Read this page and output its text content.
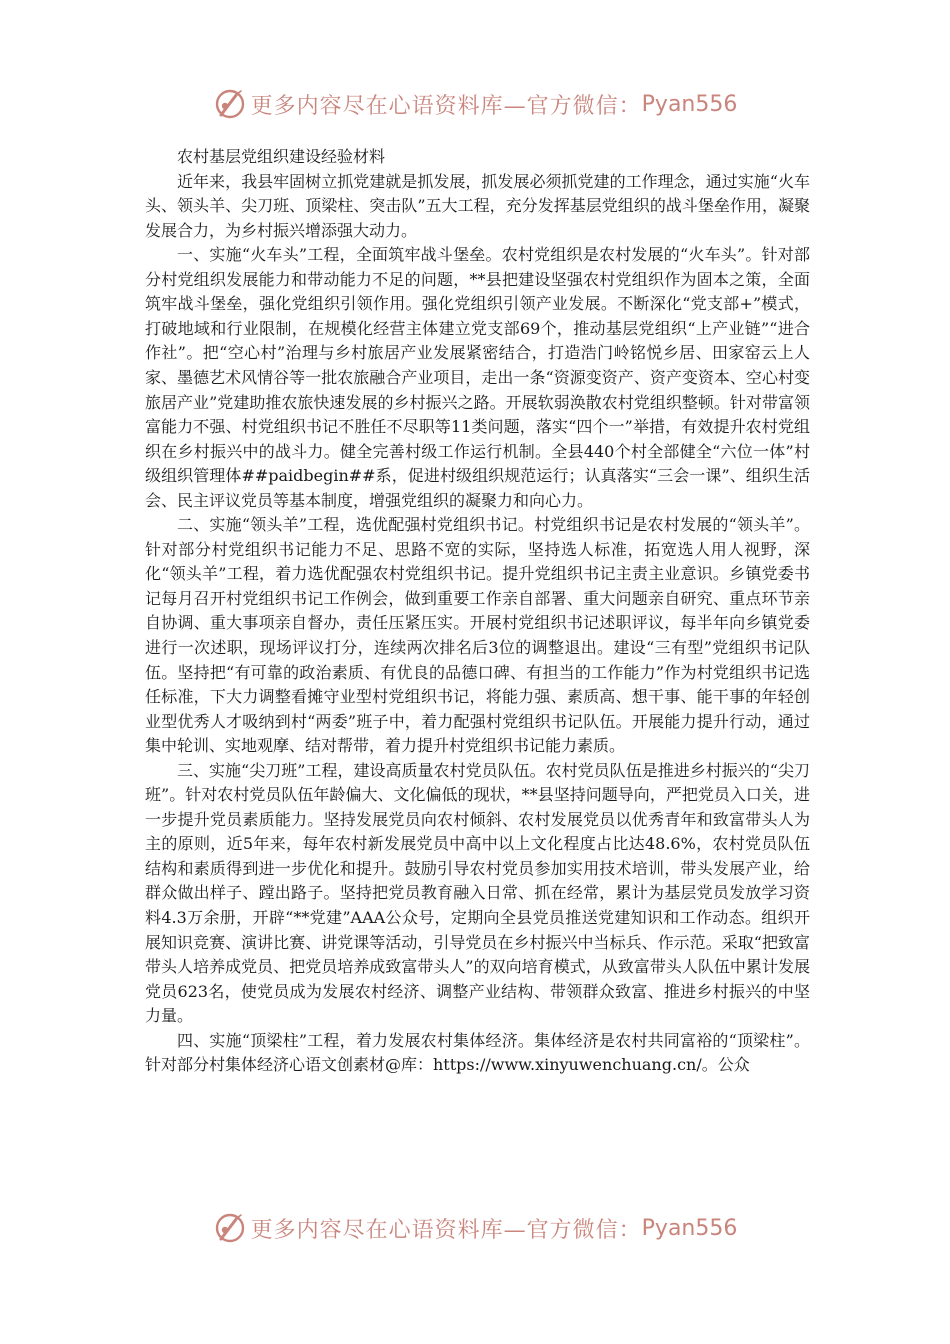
更多内容尽在心语资料库—官方微信： Pyan556
农村基层党组织建设经验材料

近年来，我县牢固树立抓党建就是抓发展，抓发展必须抓党建的工作理念，通过实施“火车头、领头羊、尖刀班、顶梁柱、突击队”五大工程，充分发挥基层党组织的战斗堡垒作用，凝聚发展合力，为乡村振兴增添强大动力。

一、实施“火车头”工程，全面筑牢战斗堡垒。农村党组织是农村发展的“火车头”。针对部分村党组织发展能力和带动能力不足的问题，**县把建设坚强农村党组织作为固本之策，全面筑牢战斗堡垒，强化党组织引领作用。强化党组织引领产业发展。不断深化“党支部+”模式，打破地域和行业限制，在规模化经营主体建立党支部69个，推动基层党组织“上产业链”“进合作社”。把“空心村”治理与乡村旅居产业发展紧密结合，打造浩门岭铭悦乡居、田家窑云上人家、墨德艺术风情谷等一批农旅融合产业项目，走出一条“资源变资产、资产变资本、空心村变旅居产业”党建助推农旅快速发展的乡村振兴之路。开展软弱涣散农村党组织整顿。针对带富领富能力不强、村党组织书记不胜任不尽职等11类问题，落实“四个一”举措，有效提升农村党组织在乡村振兴中的战斗力。健全完善村级工作运行机制。全县440个村全部健全“六位一体”村级组织管理体##paidbegin##系，促进村级组织规范运行；认真落实“三会一课”、组织生活会、民主评议党员等基本制度，增强党组织的凝聚力和向心力。

二、实施“领头羊”工程，选优配强村党组织书记。村党组织书记是农村发展的“领头羊”。针对部分村党组织书记能力不足、思路不宽的实际，坚持选人标准，拓宽选人用人视野，深化“领头羊”工程，着力选优配强农村党组织书记。提升党组织书记主责主业意识。乡镇党委书记每月召开村党组织书记工作例会，做到重要工作亲自部署、重大问题亲自研究、重点环节亲自协调、重大事项亲自督办，责任压紧压实。开展村党组织书记述职评议，每半年向乡镇党委进行一次述职，现场评议打分，连续两次排名后3位的调整退出。建设“三有型”党组织书记队伍。坚持把“有可靠的政治素质、有优良的品德口碑、有担当的工作能力”作为村党组织书记选任标准，下大力调整看摊守业型村党组织书记，将能力强、素质高、想干事、能干事的年轻创业型优秀人才吸纳到村“两委”班子中，着力配强村党组织书记队伍。开展能力提升行动，通过集中轮训、实地观摩、结对帮带，着力提升村党组织书记能力素质。

三、实施“尖刀班”工程，建设高质量农村党员队伍。农村党员队伍是推进乡村振兴的“尖刀班”。针对农村党员队伍年龄偏大、文化偏低的现状，**县坚持问题导向，严把党员入口关，进一步提升党员素质能力。坚持发展党员向农村倾斜、农村发展党员以优秀青年和致富带头人为主的原则，近5年来，每年农村新发展党员中高中以上文化程度占比达48.6%，农村党员队伍结构和素质得到进一步优化和提升。鼓励引导农村党员参加实用技术培训，带头发展产业，给群众做出样子、蹚出路子。坚持把党员教育融入日常、抓在经常，累计为基层党员发放学习资料4.3万余册，开辟“**党建”AAA公众号，定期向全县党员推送党建知识和工作动态。组织开展知识竞赛、演讲比赛、讲党课等活动，引导党员在乡村振兴中当标兵、作示范。采取“把致富带头人培养成党员、把党员培养成致富带头人”的双向培育模式，从致富带头人队伍中累计发展党员623名，使党员成为发展农村经济、调整产业结构、带领群众致富、推进乡村振兴的中坚力量。

四、实施“顶梁柱”工程，着力发展农村集体经济。集体经济是农村共同富裕的“顶梁柱”。针对部分村集体经济心语文创素材@库：https://www.xinyuwenchuang.cn/。公众

更多内容尽在心语资料库—官方微信： Pyan556
